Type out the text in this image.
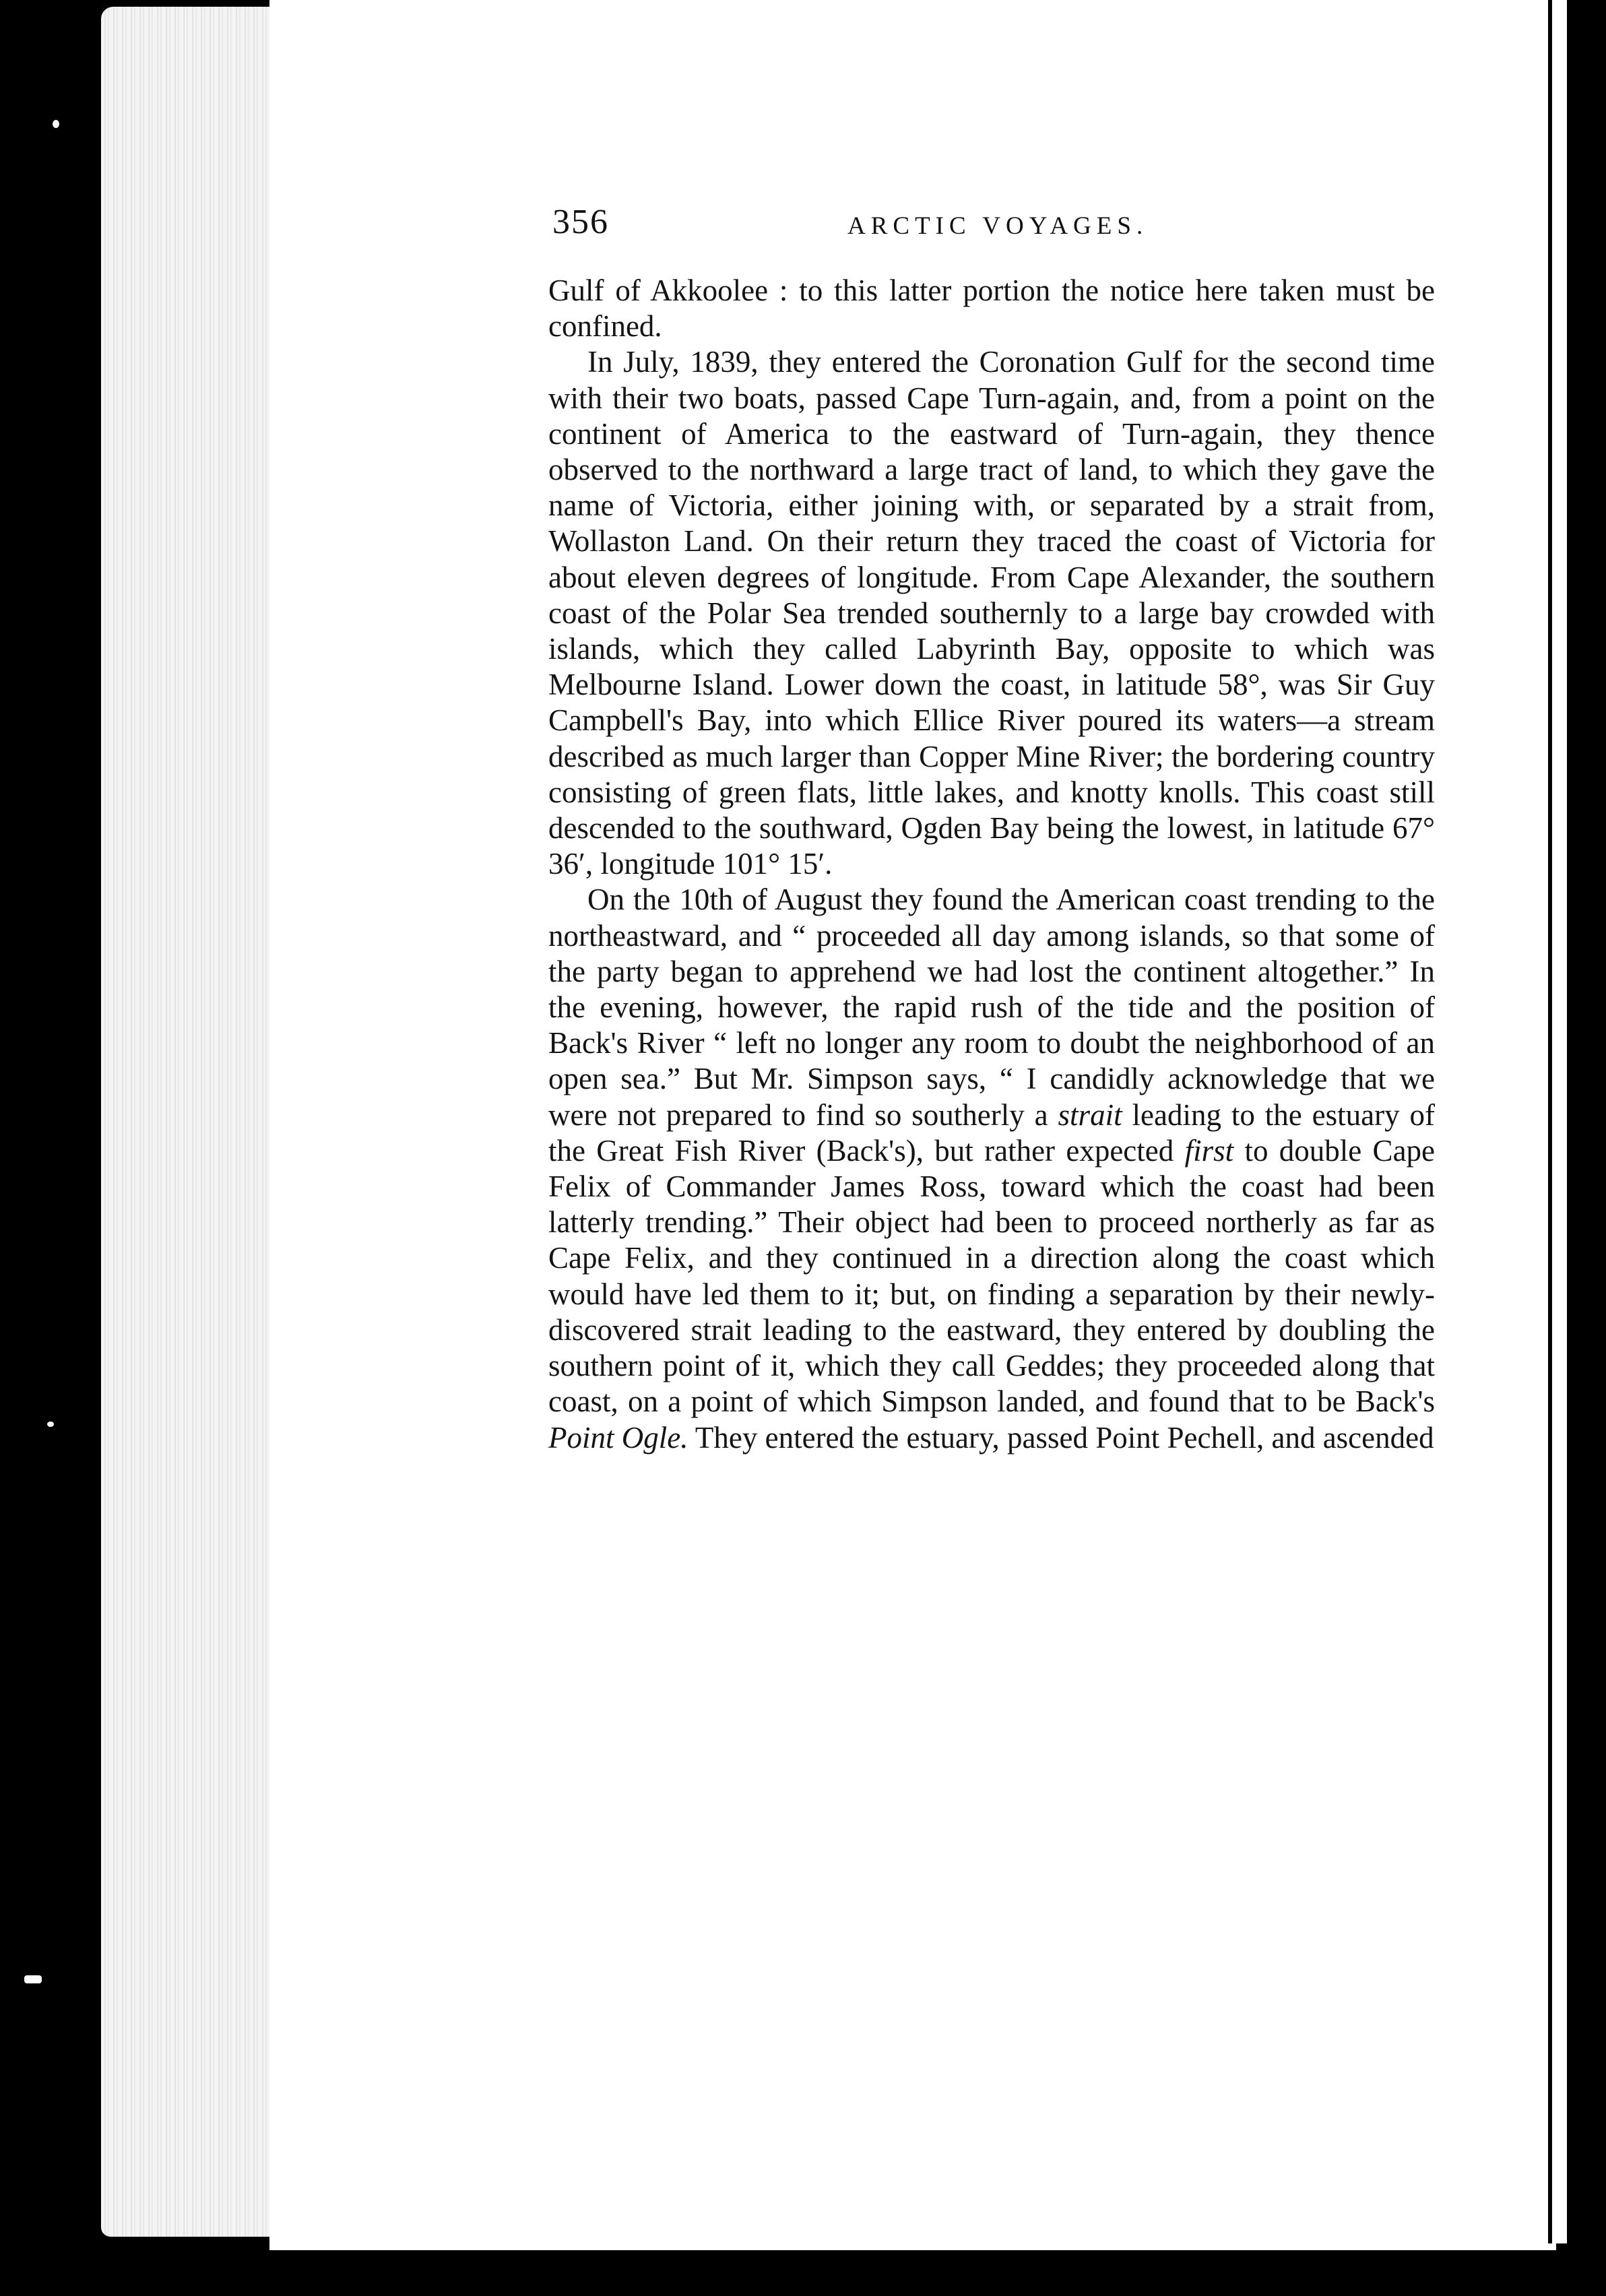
356	ARCTIC VOYAGES.

Gulf of Akkoolee : to this latter portion the notice here taken must be confined.

In July, 1839, they entered the Coronation Gulf for the second time with their two boats, passed Cape Turn-again, and, from a point on the continent of America to the eastward of Turn-again, they thence observed to the northward a large tract of land, to which they gave the name of Victoria, either joining with, or separated by a strait from, Wollaston Land. On their return they traced the coast of Victoria for about eleven degrees of longitude. From Cape Alexander, the southern coast of the Polar Sea trended southernly to a large bay crowded with islands, which they called Labyrinth Bay, opposite to which was Melbourne Island. Lower down the coast, in latitude 58°, was Sir Guy Campbell's Bay, into which Ellice River poured its waters—a stream described as much larger than Copper Mine River; the bordering country consisting of green flats, little lakes, and knotty knolls. This coast still descended to the southward, Ogden Bay being the lowest, in latitude 67° 36′, longitude 101° 15′.

On the 10th of August they found the American coast trending to the northeastward, and “ proceeded all day among islands, so that some of the party began to apprehend we had lost the continent altogether.” In the evening, however, the rapid rush of the tide and the position of Back's River “ left no longer any room to doubt the neighborhood of an open sea.” But Mr. Simpson says, “ I candidly acknowledge that we were not prepared to find so southerly a strait leading to the estuary of the Great Fish River (Back's), but rather expected first to double Cape Felix of Commander James Ross, toward which the coast had been latterly trending.” Their object had been to proceed northerly as far as Cape Felix, and they continued in a direction along the coast which would have led them to it; but, on finding a separation by their newly-discovered strait leading to the eastward, they entered by doubling the southern point of it, which they call Geddes; they proceeded along that coast, on a point of which Simpson landed, and found that to be Back's Point Ogle. They entered the estuary, passed Point Pechell, and ascended
